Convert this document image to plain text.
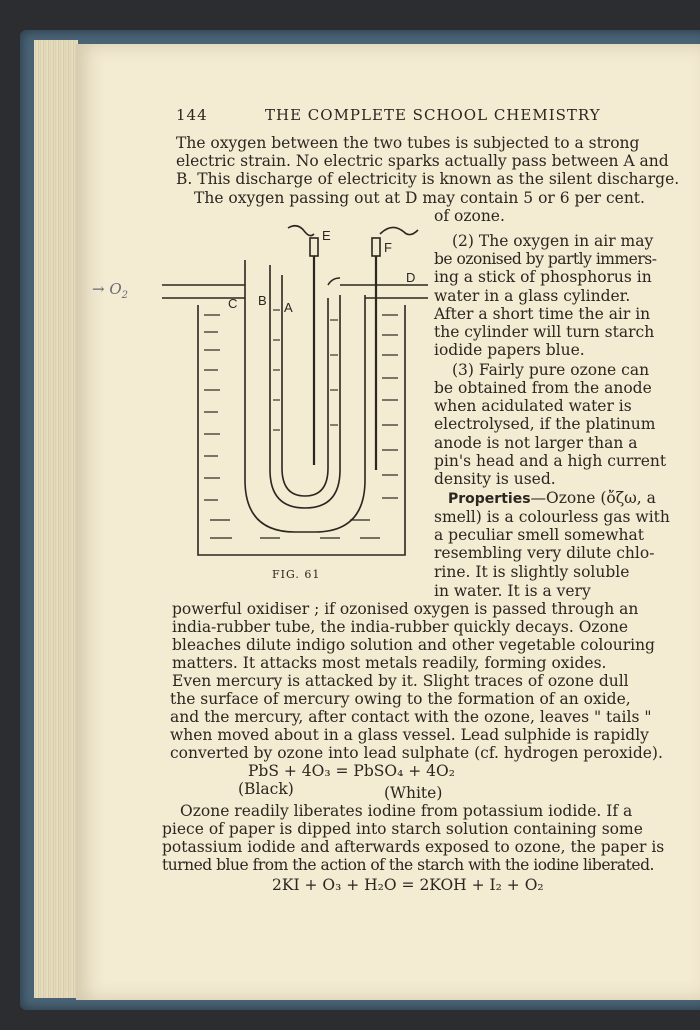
144	THE COMPLETE SCHOOL CHEMISTRY
→ $O_2$
The oxygen between the two tubes is subjected to a strong
electric strain. No electric sparks actually pass between A and
B. This discharge of electricity is known as the silent discharge.
The oxygen passing out at D may contain 5 or 6 per cent.
of ozone.
C B A
D
E
F
FIG. 61
(2) The oxygen in air may
be ozonised by partly immers-
ing a stick of phosphorus in
water in a glass cylinder.
After a short time the air in
the cylinder will turn starch
iodide papers blue.
(3) Fairly pure ozone can
be obtained from the anode
when acidulated water is
electrolysed, if the platinum
anode is not larger than a
pin's head and a high current
density is used.
Properties—Ozone (ὄζω, a
smell) is a colourless gas with
a peculiar smell somewhat
resembling very dilute chlo-
rine. It is slightly soluble
in water. It is a very
powerful oxidiser ; if ozonised oxygen is passed through an
india-rubber tube, the india-rubber quickly decays. Ozone
bleaches dilute indigo solution and other vegetable colouring
matters. It attacks most metals readily, forming oxides.
Even mercury is attacked by it. Slight traces of ozone dull
the surface of mercury owing to the formation of an oxide,
and the mercury, after contact with the ozone, leaves " tails "
when moved about in a glass vessel. Lead sulphide is rapidly
converted by ozone into lead sulphate (cf. hydrogen peroxide).
PbS + 4O₃ = PbSO₄ + 4O₂
(Black)	(White)
Ozone readily liberates iodine from potassium iodide. If a
piece of paper is dipped into starch solution containing some
potassium iodide and afterwards exposed to ozone, the paper is
turned blue from the action of the starch with the iodine liberated.
2KI + O₃ + H₂O = 2KOH + I₂ + O₂
